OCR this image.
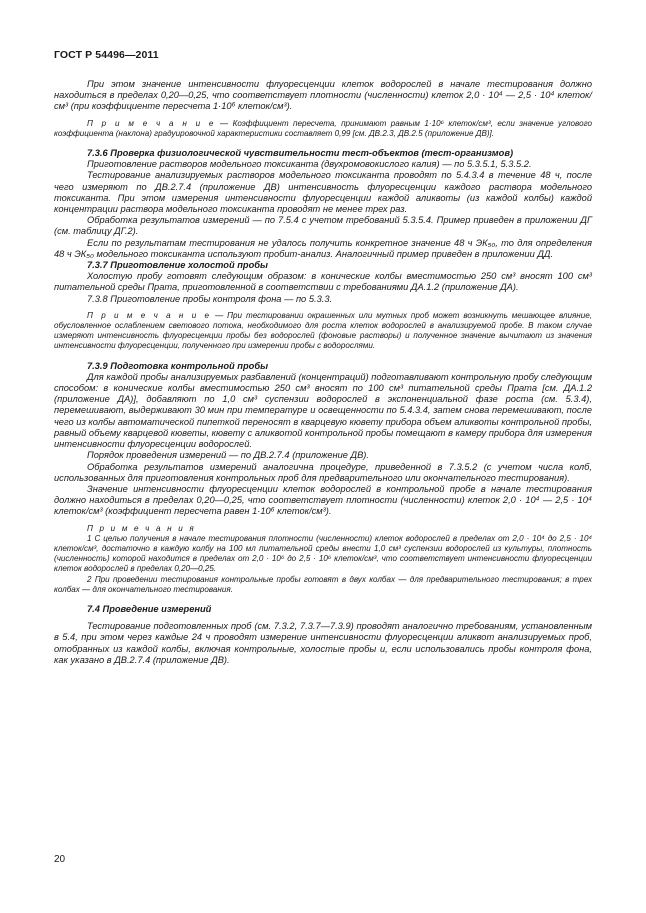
ГОСТ Р 54496—2011

При этом значение интенсивности флуоресценции клеток водорослей в начале тестирования должно находиться в пределах 0,20—0,25, что соответствует плотности (численности) клеток 2,0 · 10⁴ — 2,5 · 10⁴ клеток/см³ (при коэффициенте пересчета 1·10⁶ клеток/см³).

П р и м е ч а н и е — Коэффициент пересчета, принимают равным 1·10⁶ клеток/см³, если значение углового коэффициента (наклона) градуировочной характеристики составляет 0,99 [см. ДВ.2.3, ДВ.2.5 (приложение ДВ)].

7.3.6 Проверка физиологической чувствительности тест-объектов (тест-организмов)

Приготовление растворов модельного токсиканта (двухромовокислого калия) — по 5.3.5.1, 5.3.5.2.

Тестирование анализируемых растворов модельного токсиканта проводят по 5.4.3.4 в течение 48 ч, после чего измеряют по ДВ.2.7.4 (приложение ДВ) интенсивность флуоресценции каждого раствора модельного токсиканта. При этом измерения интенсивности флуоресценции каждой аликвоты (из каждой колбы) каждой концентрации раствора модельного токсиканта проводят не менее трех раз.

Обработка результатов измерений — по 7.5.4 с учетом требований 5.3.5.4. Пример приведен в приложении ДГ (см. таблицу ДГ.2).

Если по результатам тестирования не удалось получить конкретное значение 48 ч ЭК₅₀, то для определения 48 ч ЭК₅₀ модельного токсиканта используют пробит-анализ. Аналогичный пример приведен в приложении ДД.

7.3.7 Приготовление холостой пробы

Холостую пробу готовят следующим образом: в конические колбы вместимостью 250 см³ вносят 100 см³ питательной среды Прата, приготовленной в соответствии с требованиями ДА.1.2 (приложение ДА).

7.3.8 Приготовление пробы контроля фона — по 5.3.3.

П р и м е ч а н и е — При тестировании окрашенных или мутных проб может возникнуть мешающее влияние, обусловленное ослаблением светового потока, необходимого для роста клеток водорослей в анализируемой пробе. В таком случае измеряют интенсивность флуоресценции пробы без водорослей (фоновые растворы) и полученное значение вычитают из значения интенсивности флуоресценции, полученного при измерении пробы с водорослями.

7.3.9 Подготовка контрольной пробы

Для каждой пробы анализируемых разбавлений (концентраций) подготавливают контрольную пробу следующим способом: в конические колбы вместимостью 250 см³ вносят по 100 см³ питательной среды Прата [см. ДА.1.2 (приложение ДА)], добавляют по 1,0 см³ суспензии водорослей в экспоненциальной фазе роста (см. 5.3.4), перемешивают, выдерживают 30 мин при температуре и освещенности по 5.4.3.4, затем снова перемешивают, после чего из колбы автоматической пипеткой переносят в кварцевую кювету прибора объем аликвоты контрольной пробы, равный объему кварцевой кюветы, кювету с аликвотой контрольной пробы помещают в камеру прибора для измерения интенсивности флуоресценции водорослей.

Порядок проведения измерений — по ДВ.2.7.4 (приложение ДВ).

Обработка результатов измерений аналогична процедуре, приведенной в 7.3.5.2 (с учетом числа колб, использованных для приготовления контрольных проб для предварительного или окончательного тестирования).

Значение интенсивности флуоресценции клеток водорослей в контрольной пробе в начале тестирования должно находиться в пределах 0,20—0,25, что соответствует плотности (численности) клеток 2,0 · 10⁴ — 2,5 · 10⁴ клеток/см³ (коэффициент пересчета равен 1·10⁶ клеток/см³).

П р и м е ч а н и я

1 С целью получения в начале тестирования плотности (численности) клеток водорослей в пределах от 2,0 · 10⁴ до 2,5 · 10⁴ клеток/см³, достаточно в каждую колбу на 100 мл питательной среды внести 1,0 см³ суспензии водорослей из культуры, плотность (численность) которой находится в пределах от 2,0 · 10⁶ до 2,5 · 10⁶ клеток/см³, что соответствует интенсивности флуоресценции клеток водорослей в пределах 0,20—0,25.

2 При проведении тестирования контрольные пробы готовят в двух колбах — для предварительного тестирования; в трех колбах — для окончательного тестирования.

7.4 Проведение измерений

Тестирование подготовленных проб (см. 7.3.2, 7.3.7—7.3.9) проводят аналогично требованиям, установленным в 5.4, при этом через каждые 24 ч проводят измерение интенсивности флуоресценции аликвот анализируемых проб, отобранных из каждой колбы, включая контрольные, холостые пробы и, если использовались пробы контроля фона, как указано в ДВ.2.7.4 (приложение ДВ).

20
